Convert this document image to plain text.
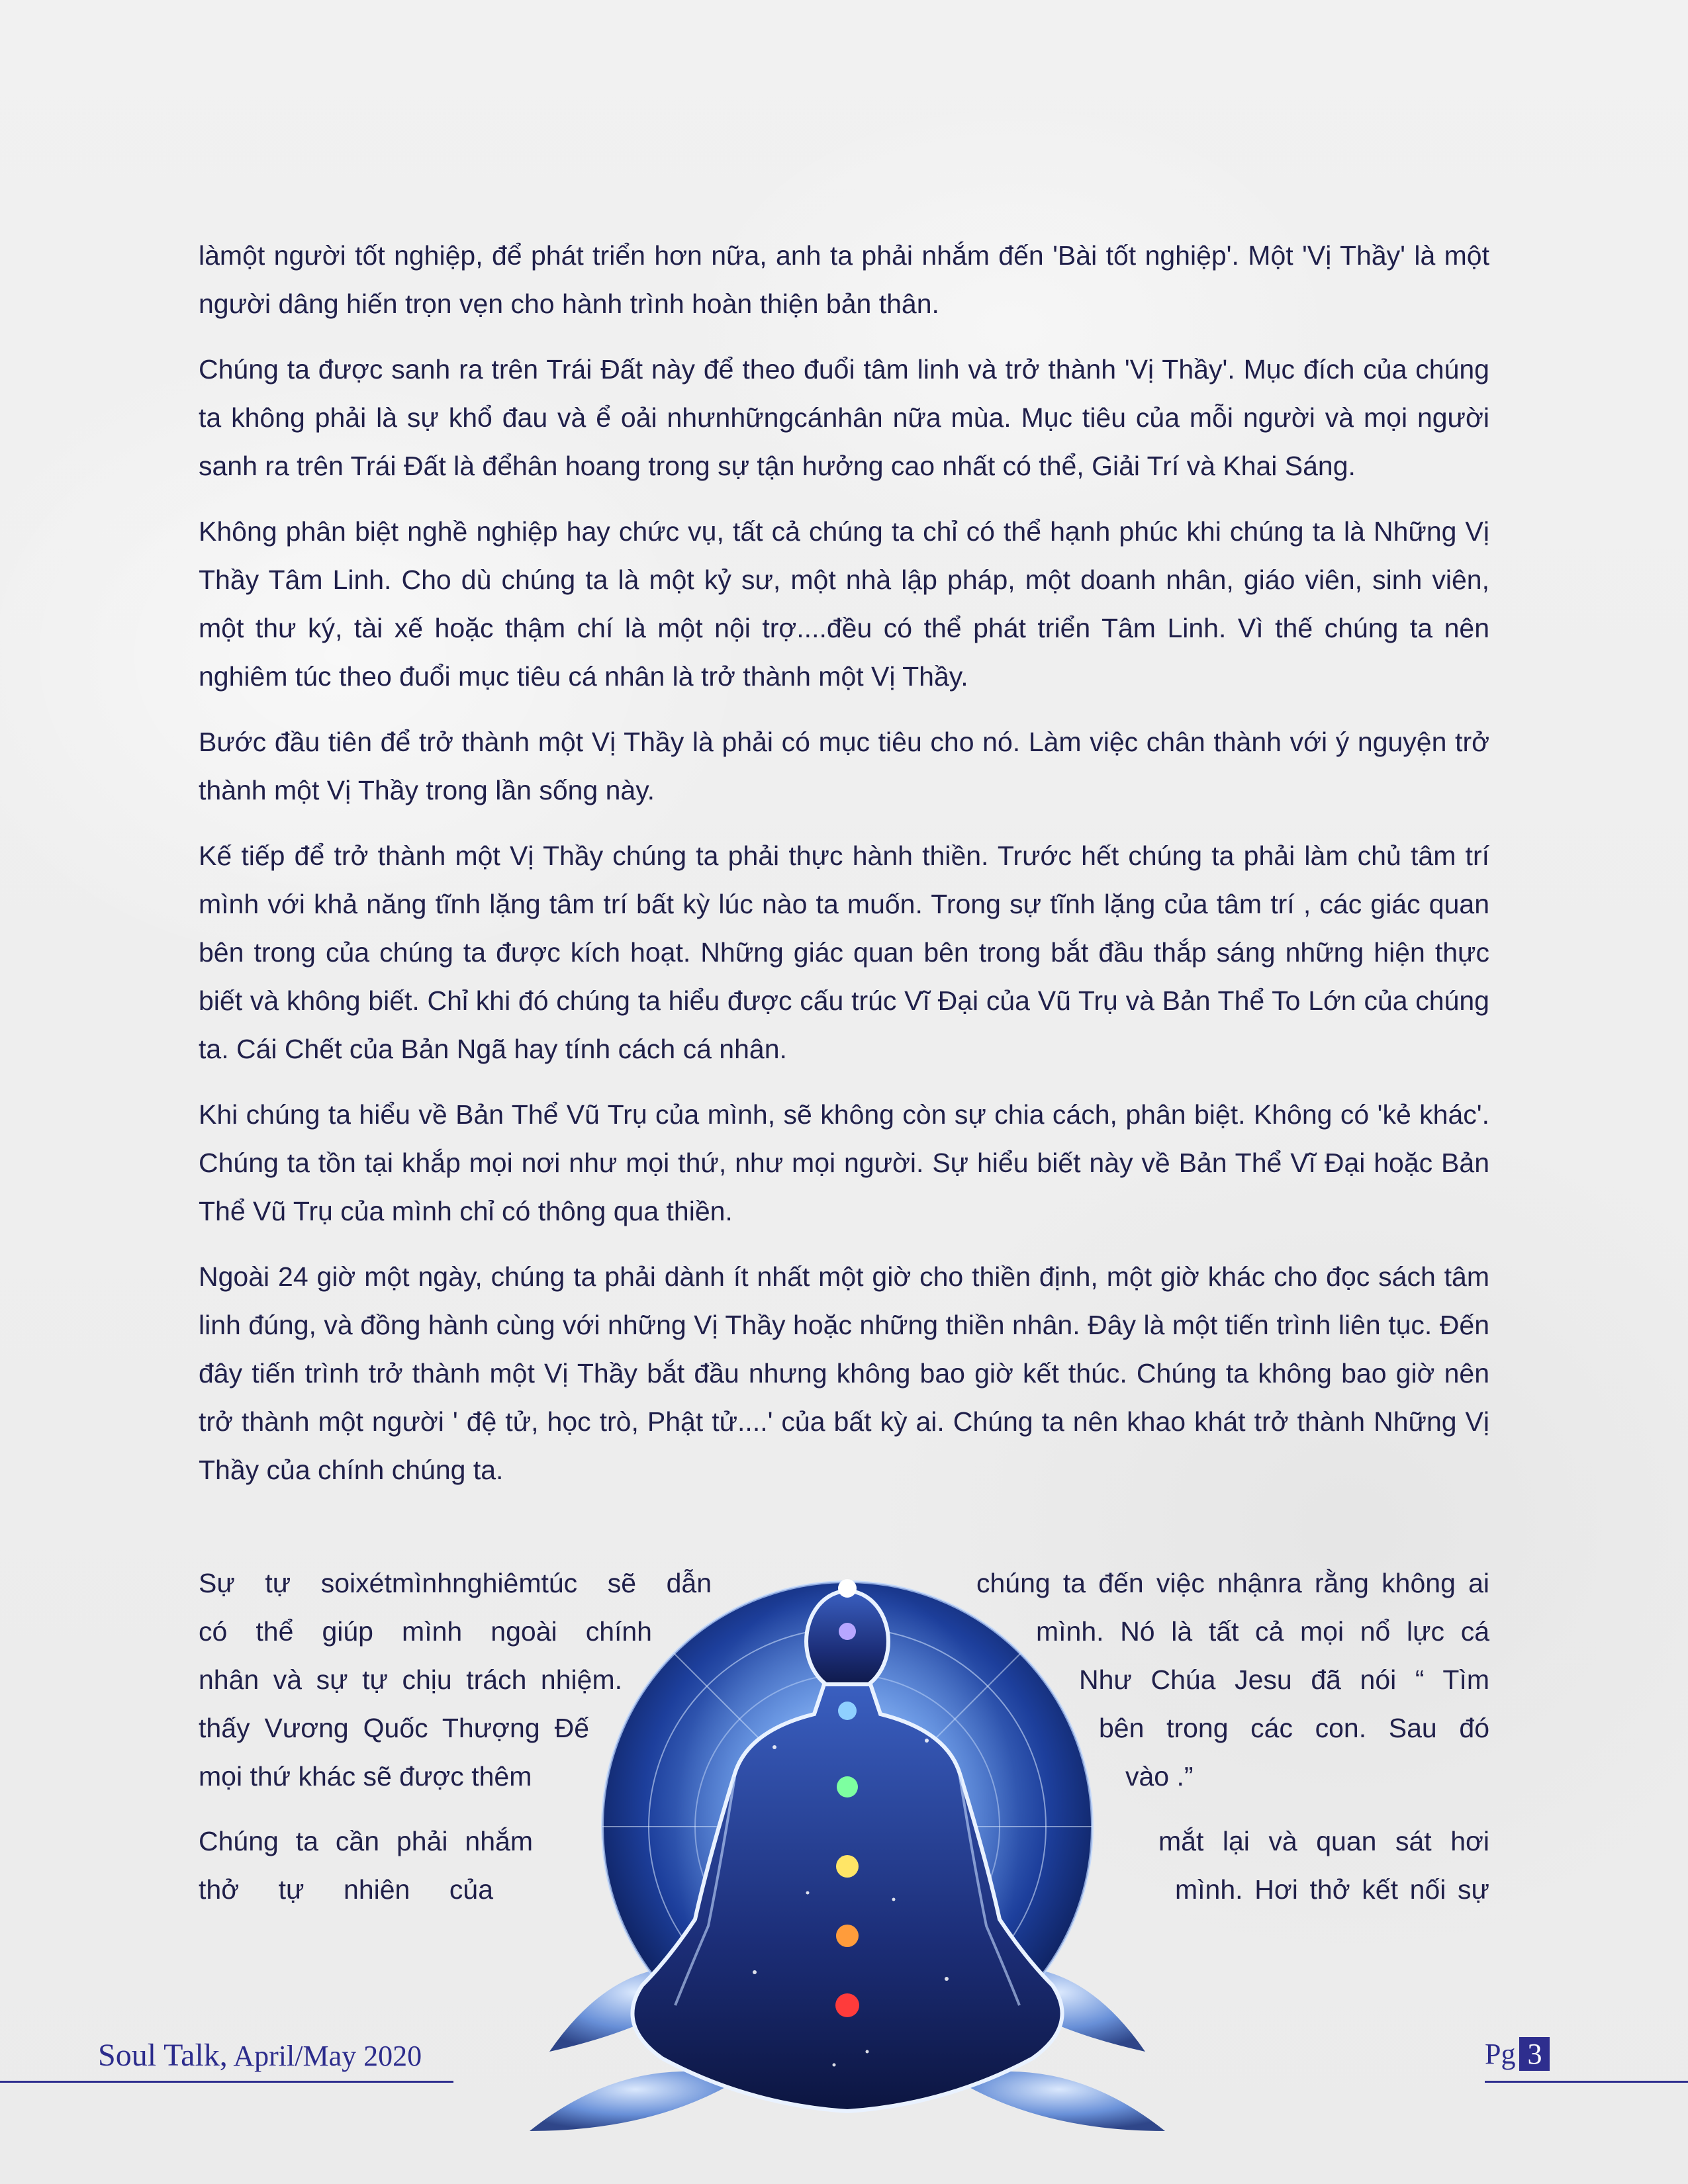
làmột người tốt nghiệp, để phát triển hơn nữa, anh ta phải nhắm đến 'Bài tốt nghiệp'. Một 'Vị Thầy' là một người dâng hiến trọn vẹn cho hành trình hoàn thiện bản thân.

Chúng ta được sanh ra trên Trái Đất này để theo đuổi tâm linh và trở thành 'Vị Thầy'. Mục đích của chúng ta không phải là sự khổ đau và ể oải nhưnhữngcánhân nữa mùa. Mục tiêu của mỗi người và mọi người sanh ra trên Trái Đất là đểhân hoang trong sự tận hưởng cao nhất có thể, Giải Trí và Khai Sáng.

Không phân biệt nghề nghiệp hay chức vụ, tất cả chúng ta chỉ có thể hạnh phúc khi chúng ta là Những Vị Thầy Tâm Linh. Cho dù chúng ta là một kỷ sư, một nhà lập pháp, một doanh nhân, giáo viên, sinh viên, một thư ký, tài xế hoặc thậm chí là một nội trợ....đều có thể phát triển Tâm Linh. Vì thế chúng ta nên nghiêm túc theo đuổi mục tiêu cá nhân là trở thành một Vị Thầy.

Bước đầu tiên để trở thành một Vị Thầy là phải có mục tiêu cho nó. Làm việc chân thành với ý nguyện trở thành một Vị Thầy trong lần sống này.

Kế tiếp để trở thành một Vị Thầy chúng ta phải thực hành thiền. Trước hết chúng ta phải làm chủ tâm trí mình với khả năng tĩnh lặng tâm trí bất kỳ lúc nào ta muốn. Trong sự tĩnh lặng của tâm trí , các giác quan bên trong của chúng ta được kích hoạt. Những giác quan bên trong bắt đầu thắp sáng những hiện thực biết và không biết. Chỉ khi đó chúng ta hiểu được cấu trúc Vĩ Đại của Vũ Trụ và Bản Thể To Lớn của chúng ta. Cái Chết của Bản Ngã hay tính cách cá nhân.

Khi chúng ta hiểu về Bản Thể Vũ Trụ của mình, sẽ không còn sự chia cách, phân biệt. Không có 'kẻ khác'. Chúng ta tồn tại khắp mọi nơi như mọi thứ, như mọi người. Sự hiểu biết này về Bản Thể Vĩ Đại hoặc Bản Thể Vũ Trụ của mình chỉ có thông qua thiền.

Ngoài 24 giờ một ngày, chúng ta phải dành ít nhất một giờ cho thiền định, một giờ khác cho đọc sách tâm linh đúng, và đồng hành cùng với những Vị Thầy hoặc những thiền nhân. Đây là một tiến trình liên tục. Đến đây tiến trình trở thành một Vị Thầy bắt đầu nhưng không bao giờ kết thúc. Chúng ta không bao giờ nên trở thành một người ' đệ tử, học trò, Phật tử....' của bất kỳ ai. Chúng ta nên khao khát trở thành Những Vị Thầy của chính chúng ta.

Sự tự soixétmìnhnghiêmtúc sẽ dẫn	chúng ta đến việc nhậnra rằng không ai
có thể giúp mình ngoài chính	mình. Nó là tất cả mọi nổ lực cá
nhân và sự tự chịu trách nhiệm.	Như Chúa Jesu đã nói “ Tìm
thấy Vương Quốc Thượng Đế	bên trong các con. Sau đó
mọi thứ khác sẽ được thêm	vào .”
Chúng ta cần phải nhắm	mắt lại và quan sát hơi
thở tự nhiên của	mình. Hơi thở kết nối sự
Soul Talk, April/May 2020	Pg 3
